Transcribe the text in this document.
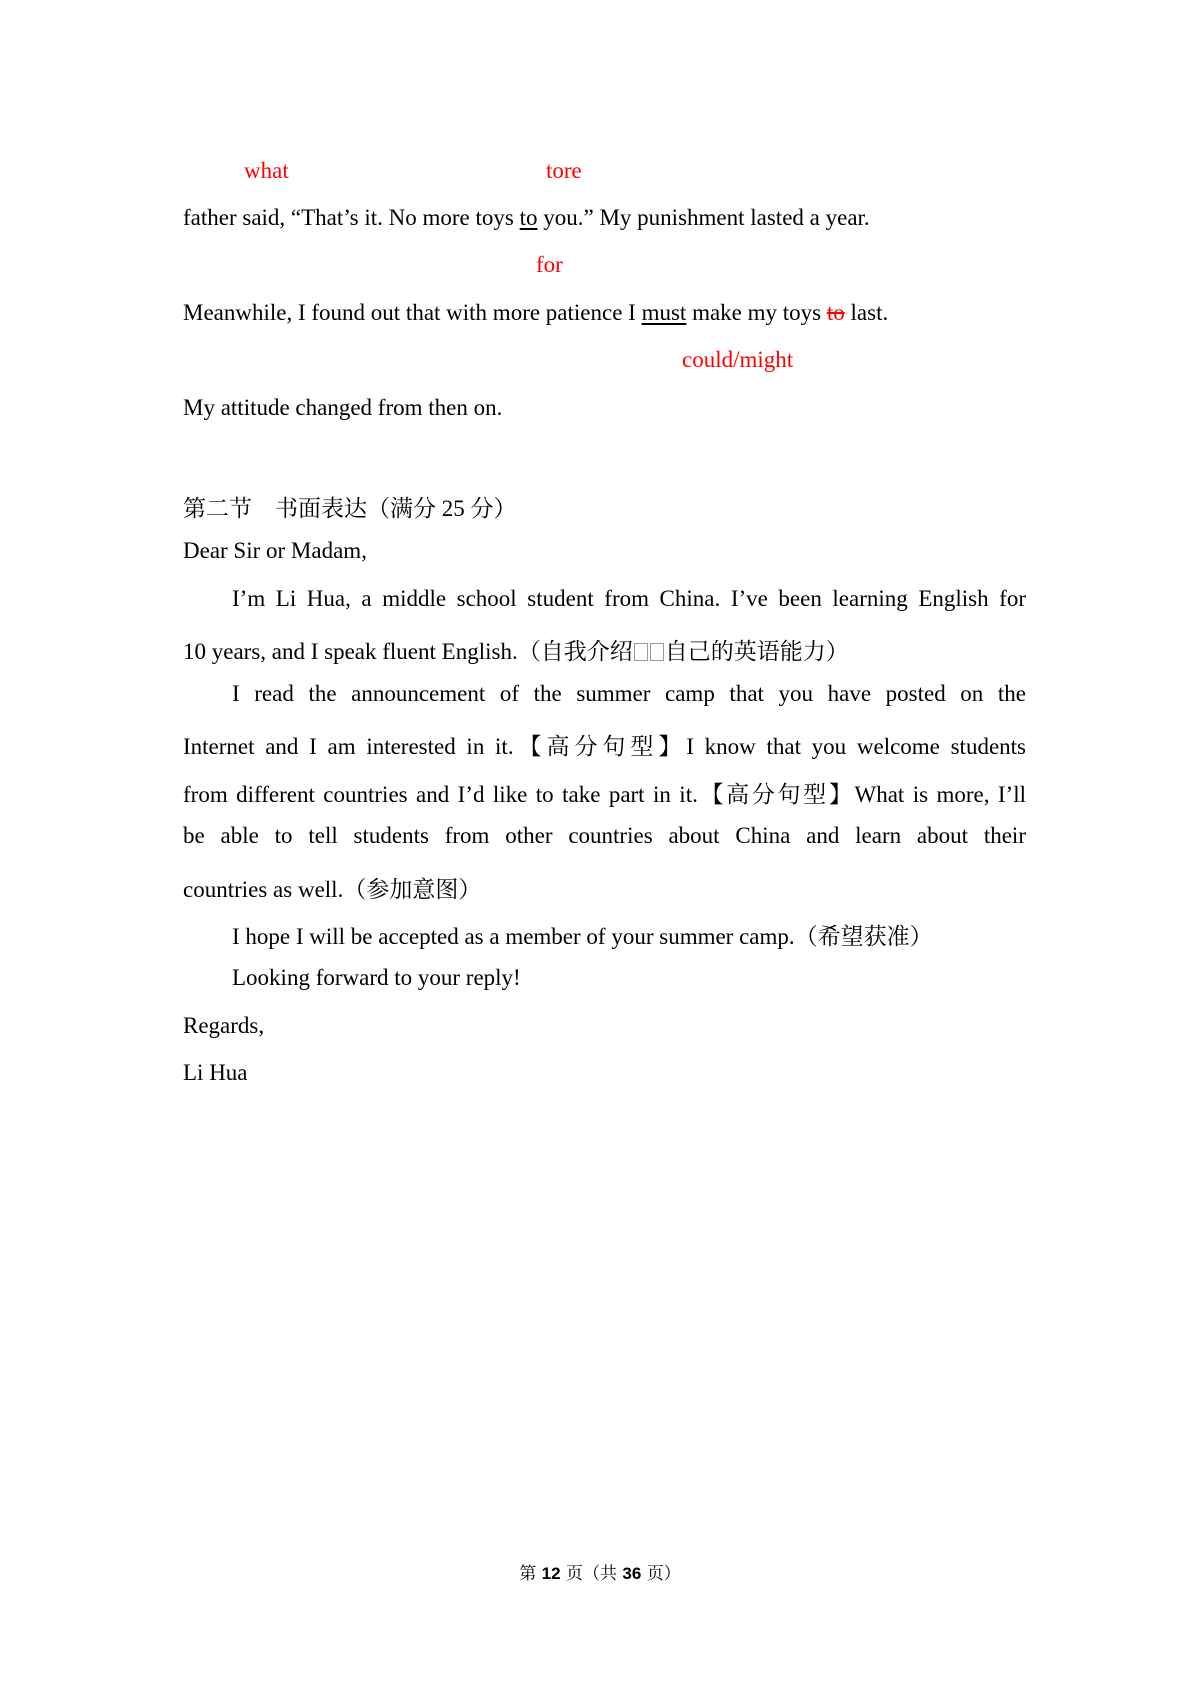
what	tore
father said, “That’s it. No more toys to you.” My punishment lasted a year.
for
Meanwhile, I found out that with more patience I must make my toys to last.
could/might
My attitude changed from then on.
第二节　书面表达（满分 25 分）
Dear Sir or Madam,
I’m Li Hua, a middle school student from China. I’ve been learning English for
10 years, and I speak fluent English.（自我介绍 自己的英语能力）
I read the announcement of the summer camp that you have posted on the
Internet and I am interested in it.【高分句型】I know that you welcome students
from different countries and I’d like to take part in it.【高分句型】What is more, I’ll
be able to tell students from other countries about China and learn about their
countries as well.（参加意图）
I hope I will be accepted as a member of your summer camp.（希望获准）
Looking forward to your reply!
Regards,
Li Hua
第 12 页（共 36 页）
